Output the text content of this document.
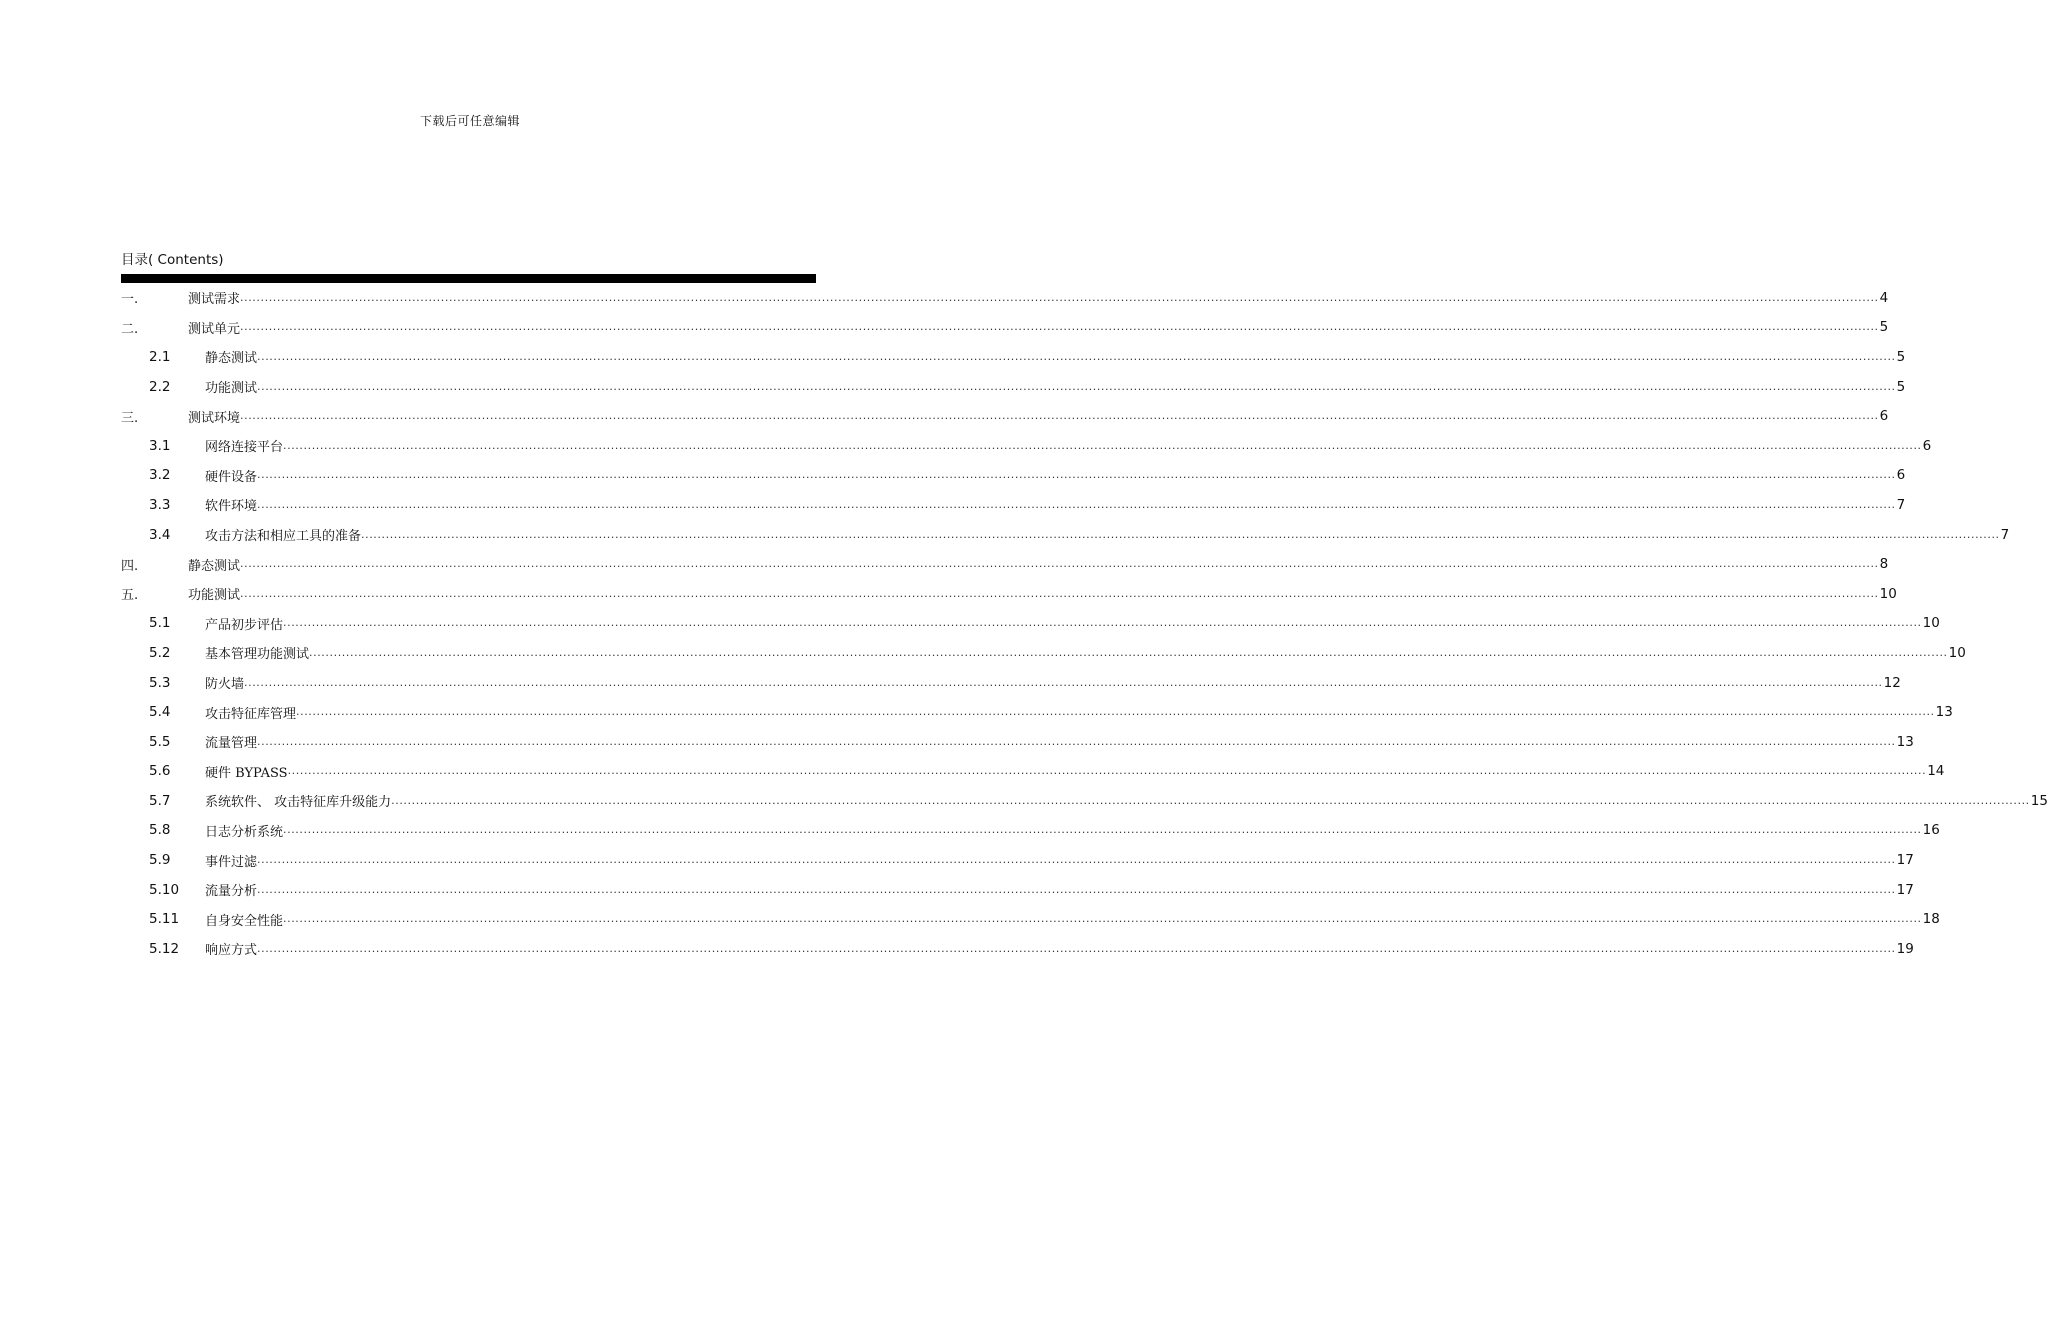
下载后可任意编辑
目录( Contents)
一.	测试需求 ................................................................................................................................................................................................................................................................................................................................................................................................................ 4
二.	测试单元 ................................................................................................................................................................................................................................................................................................................................................................................................................ 5
2.1	静态测试 ................................................................................................................................................................................................................................................................................................................................................................................................................ 5
2.2	功能测试 ................................................................................................................................................................................................................................................................................................................................................................................................................ 5
三.	测试环境 ................................................................................................................................................................................................................................................................................................................................................................................................................ 6
3.1	网络连接平台 ................................................................................................................................................................................................................................................................................................................................................................................................................ 6
3.2	硬件设备 ................................................................................................................................................................................................................................................................................................................................................................................................................ 6
3.3	软件环境 ................................................................................................................................................................................................................................................................................................................................................................................................................ 7
3.4	攻击方法和相应工具的准备 ................................................................................................................................................................................................................................................................................................................................................................................................................ 7
四.	静态测试 ................................................................................................................................................................................................................................................................................................................................................................................................................ 8
五.	功能测试 ................................................................................................................................................................................................................................................................................................................................................................................................................ 10
5.1	产品初步评估 ................................................................................................................................................................................................................................................................................................................................................................................................................ 10
5.2	基本管理功能测试 ................................................................................................................................................................................................................................................................................................................................................................................................................ 10
5.3	防火墙 ................................................................................................................................................................................................................................................................................................................................................................................................................ 12
5.4	攻击特征库管理 ................................................................................................................................................................................................................................................................................................................................................................................................................ 13
5.5	流量管理 ................................................................................................................................................................................................................................................................................................................................................................................................................ 13
5.6	硬件 BYPASS ................................................................................................................................................................................................................................................................................................................................................................................................................ 14
5.7	系统软件、 攻击特征库升级能力 ................................................................................................................................................................................................................................................................................................................................................................................................................ 15
5.8	日志分析系统 ................................................................................................................................................................................................................................................................................................................................................................................................................ 16
5.9	事件过滤 ................................................................................................................................................................................................................................................................................................................................................................................................................ 17
5.10 流量分析 ................................................................................................................................................................................................................................................................................................................................................................................................................ 17
5.11 自身安全性能 ................................................................................................................................................................................................................................................................................................................................................................................................................ 18
5.12 响应方式 ................................................................................................................................................................................................................................................................................................................................................................................................................ 19
